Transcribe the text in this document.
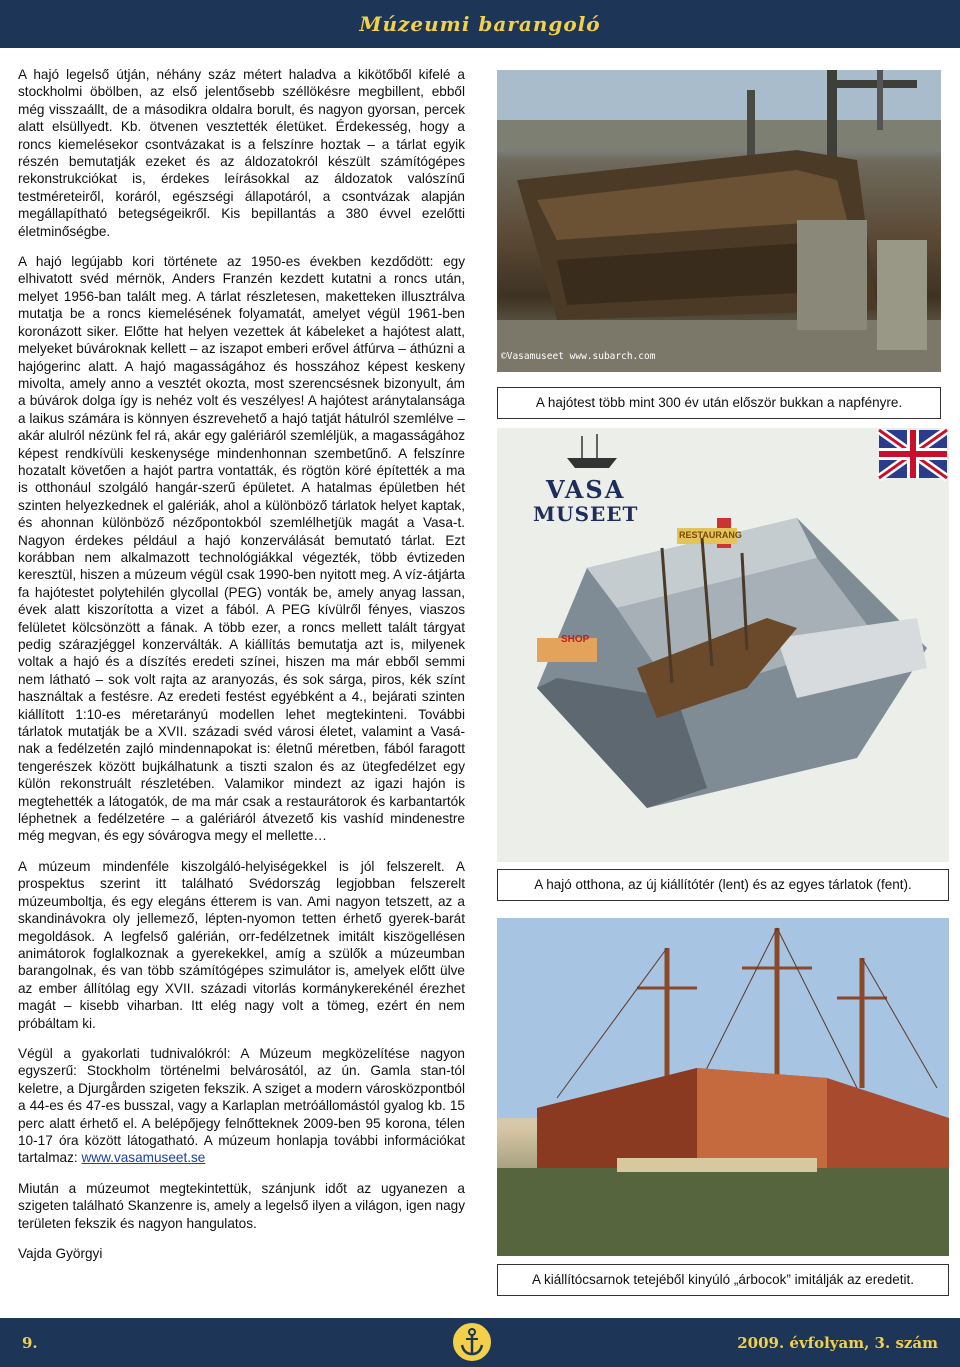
Múzeumi barangoló

A hajó legelső útján, néhány száz métert haladva a kikötőből kifelé a stockholmi öbölben, az első jelentősebb széllökésre megbillent, ebből még visszaállt, de a másodikra oldalra borult, és nagyon gyorsan, percek alatt elsüllyedt. Kb. ötvenen vesztették életüket. Érdekesség, hogy a roncs kiemelésekor csontvázakat is a felszínre hoztak – a tárlat egyik részén bemutatják ezeket és az áldozatokról készült számítógépes rekonstrukciókat is, érdekes leírásokkal az áldozatok valószínű testméreteiről, koráról, egészségi állapotáról, a csontvázak alapján megállapítható betegségeikről. Kis bepillantás a 380 évvel ezelőtti életminőségbe.

A hajó legújabb kori története az 1950-es években kezdődött: egy elhivatott svéd mérnök, Anders Franzén kezdett kutatni a roncs után, melyet 1956-ban talált meg. A tárlat részletesen, maketteken illusztrálva mutatja be a roncs kiemelésének folyamatát, amelyet végül 1961-ben koronázott siker. Előtte hat helyen vezettek át kábeleket a hajótest alatt, melyeket búvároknak kellett – az iszapot emberi erővel átfúrva – áthúzni a hajógerinc alatt. A hajó magasságához és hosszához képest keskeny mivolta, amely anno a vesztét okozta, most szerencsésnek bizonyult, ám a búvárok dolga így is nehéz volt és veszélyes! A hajótest aránytalansága a laikus számára is könnyen észrevehető a hajó tatját hátulról szemlélve – akár alulról nézünk fel rá, akár egy galériáról szemléljük, a magasságához képest rendkívüli keskenysége mindenhonnan szembetűnő. A felszínre hozatalt követően a hajót partra vontatták, és rögtön köré építették a ma is otthonául szolgáló hangár-szerű épületet. A hatalmas épületben hét szinten helyezkednek el galériák, ahol a különböző tárlatok helyet kaptak, és ahonnan különböző nézőpontokból szemlélhetjük magát a Vasa-t. Nagyon érdekes például a hajó konzerválását bemutató tárlat. Ezt korábban nem alkalmazott technológiákkal végezték, több évtizeden keresztül, hiszen a múzeum végül csak 1990-ben nyitott meg. A víz-átjárta fa hajótestet polytehilén glycollal (PEG) vonták be, amely anyag lassan, évek alatt kiszorította a vizet a fából. A PEG kívülről fényes, viaszos felületet kölcsönzött a fának. A több ezer, a roncs mellett talált tárgyat pedig szárazjéggel konzerválták. A kiállítás bemutatja azt is, milyenek voltak a hajó és a díszítés eredeti színei, hiszen ma már ebből semmi nem látható – sok volt rajta az aranyozás, és sok sárga, piros, kék színt használtak a festésre. Az eredeti festést egyébként a 4., bejárati szinten kiállított 1:10-es méretarányú modellen lehet megtekinteni. További tárlatok mutatják be a XVII. századi svéd városi életet, valamint a Vasá-nak a fedélzetén zajló mindennapokat is: életnű méretben, fából faragott tengerészek között bujkálhatunk a tiszti szalon és az ütegfedélzet egy külön rekonstruált részletében. Valamikor mindezt az igazi hajón is megtehették a látogatók, de ma már csak a restaurátorok és karbantartók léphetnek a fedélzetére – a galériáról átvezető kis vashíd mindenestre még megvan, és egy sóvárogva megy el mellette…

A múzeum mindenféle kiszolgáló-helyiségekkel is jól felszerelt. A prospektus szerint itt található Svédország legjobban felszerelt múzeumboltja, és egy elegáns étterem is van. Ami nagyon tetszett, az a skandinávokra oly jellemező, lépten-nyomon tetten érhető gyerek-barát megoldások. A legfelső galérián, orr-fedélzetnek imitált kiszögellésen animátorok foglalkoznak a gyerekekkel, amíg a szülők a múzeumban barangolnak, és van több számítógépes szimulátor is, amelyek előtt ülve az ember állítólag egy XVII. századi vitorlás kormánykerekénél érezhet magát – kisebb viharban. Itt elég nagy volt a tömeg, ezért én nem próbáltam ki.

Végül a gyakorlati tudnivalókról: A Múzeum megközelítése nagyon egyszerű: Stockholm történelmi belvárosától, az ún. Gamla stan-tól keletre, a Djurgården szigeten fekszik. A sziget a modern városközpontból a 44-es és 47-es busszal, vagy a Karlaplan metróállomástól gyalog kb. 15 perc alatt érhető el. A belépőjegy felnőtteknek 2009-ben 95 korona, télen 10-17 óra között látogatható. A múzeum honlapja további információkat tartalmaz: www.vasamuseet.se

Miután a múzeumot megtekintettük, szánjunk időt az ugyanezen a szigeten található Skanzenre is, amely a legelső ilyen a világon, igen nagy területen fekszik és nagyon hangulatos.

Vajda Györgyi

©Vasamuseet www.subarch.com
A hajótest több mint 300 év után először bukkan a napfényre.
VASA
MUSEET
SHOP
RESTAURANG
A hajó otthona, az új kiállítótér (lent) és az egyes tárlatok (fent).
A kiállítócsarnok tetejéből kinyúló „árbocok” imitálják az eredetit.
9.	2009. évfolyam, 3. szám
